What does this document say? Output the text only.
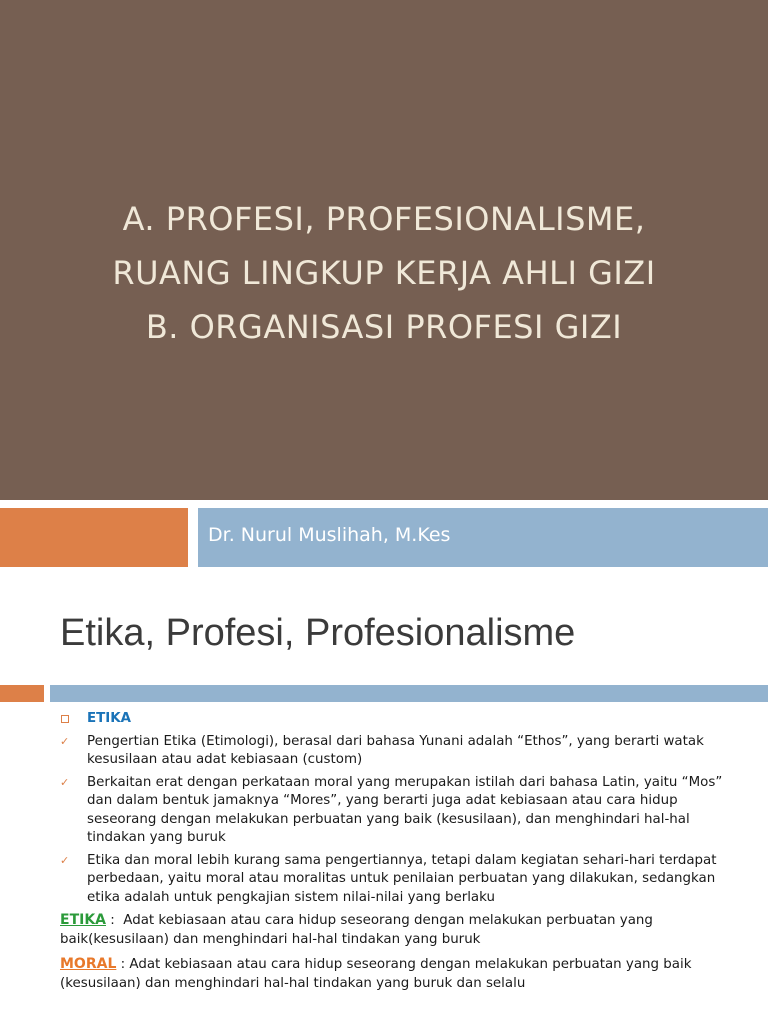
A. PROFESI, PROFESIONALISME,
RUANG LINGKUP KERJA AHLI GIZI
B. ORGANISASI PROFESI GIZI
Dr. Nurul Muslihah, M.Kes
Etika, Profesi, Profesionalisme
ETIKA
✓	Pengertian Etika (Etimologi), berasal dari bahasa Yunani adalah “Ethos”, yang berarti watak kesusilaan atau adat kebiasaan (custom)
✓	Berkaitan erat dengan perkataan moral yang merupakan istilah dari bahasa Latin, yaitu “Mos” dan dalam bentuk jamaknya “Mores”, yang berarti juga adat kebiasaan atau cara hidup seseorang dengan melakukan perbuatan yang baik (kesusilaan), dan menghindari hal-hal tindakan yang buruk
✓	Etika dan moral lebih kurang sama pengertiannya, tetapi dalam kegiatan sehari-hari terdapat perbedaan, yaitu moral atau moralitas untuk penilaian perbuatan yang dilakukan, sedangkan etika adalah untuk pengkajian sistem nilai-nilai yang berlaku
ETIKA :  Adat kebiasaan atau cara hidup seseorang dengan melakukan perbuatan yang baik(kesusilaan) dan menghindari hal-hal tindakan yang buruk
MORAL : Adat kebiasaan atau cara hidup seseorang dengan melakukan perbuatan yang baik (kesusilaan) dan menghindari hal-hal tindakan yang buruk dan selalu
